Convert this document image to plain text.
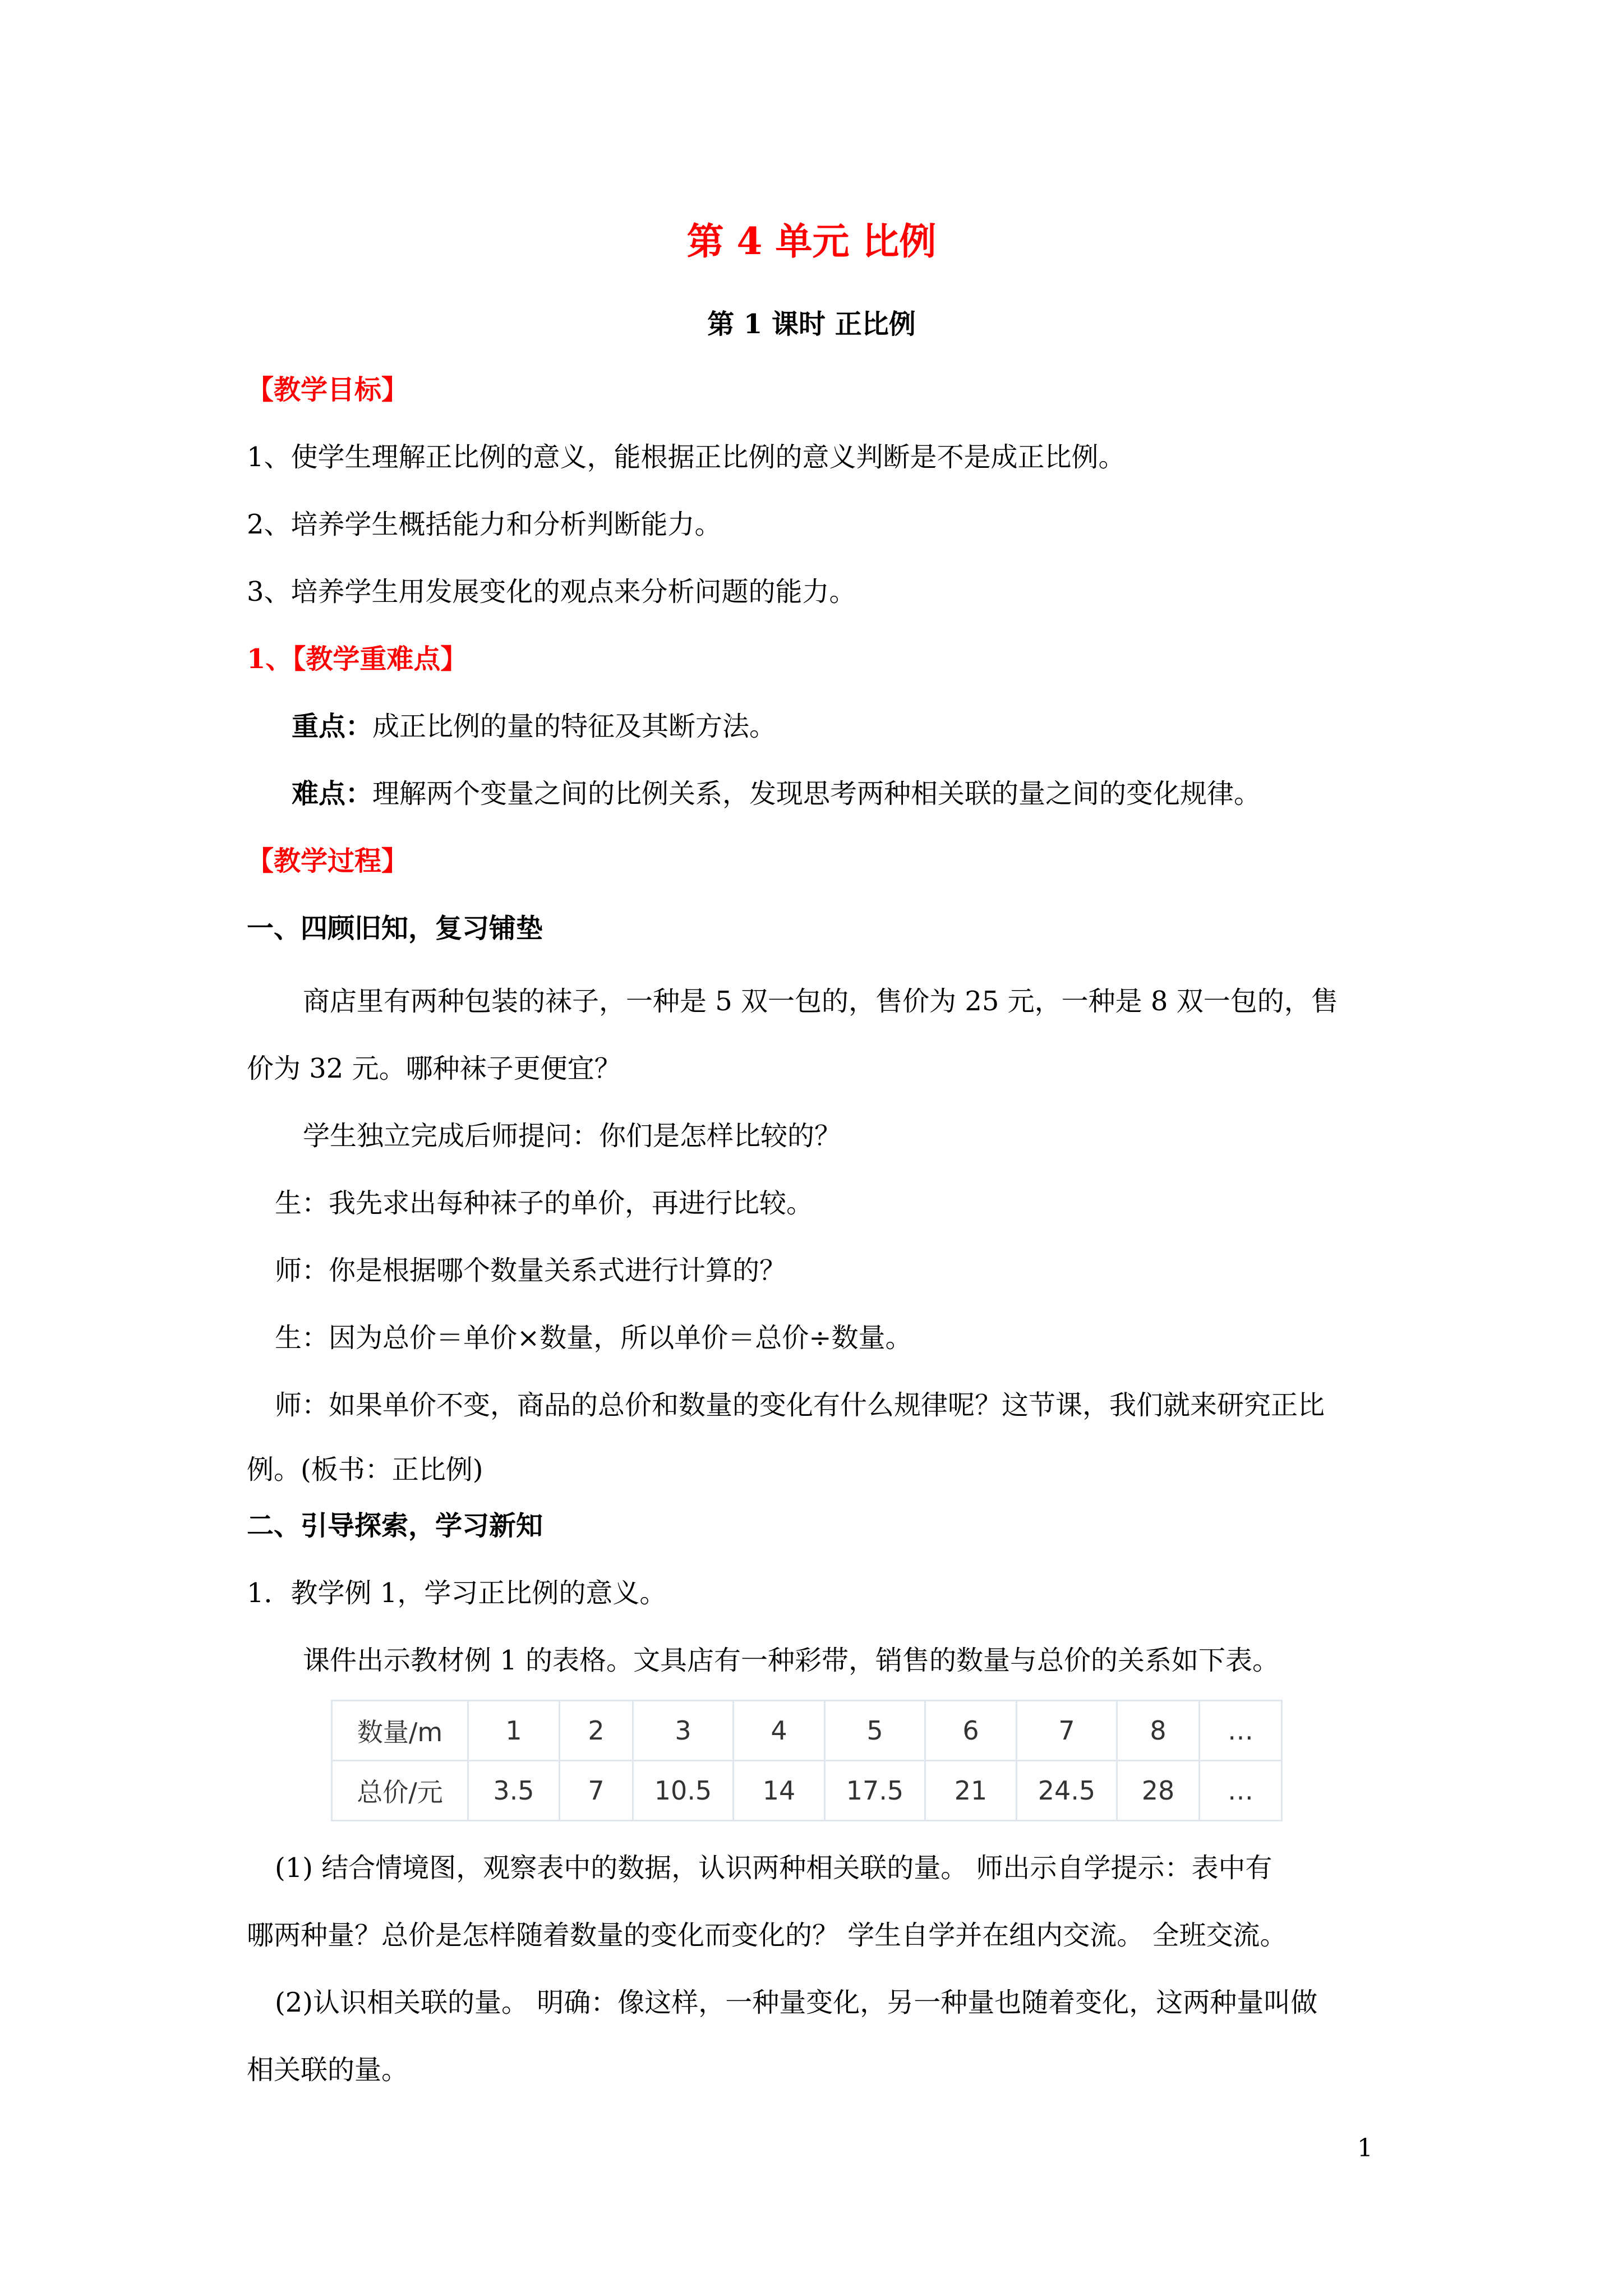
第 4 单元 比例
第 1 课时 正比例
【教学目标】
1、使学生理解正比例的意义，能根据正比例的意义判断是不是成正比例。
2、培养学生概括能力和分析判断能力。
3、培养学生用发展变化的观点来分析问题的能力。
1、【教学重难点】
重点：成正比例的量的特征及其断方法。
难点：理解两个变量之间的比例关系，发现思考两种相关联的量之间的变化规律。
【教学过程】
一、四顾旧知，复习铺垫
商店里有两种包装的袜子，一种是 5 双一包的，售价为 25 元，一种是 8 双一包的，售
价为 32 元。哪种袜子更便宜？
学生独立完成后师提问：你们是怎样比较的？
生：我先求出每种袜子的单价，再进行比较。
师：你是根据哪个数量关系式进行计算的？
生：因为总价＝单价×数量，所以单价＝总价÷数量。
师：如果单价不变，商品的总价和数量的变化有什么规律呢？这节课，我们就来研究正比
例。(板书：正比例)
二、引导探索，学习新知
1．教学例 1，学习正比例的意义。
课件出示教材例 1 的表格。文具店有一种彩带，销售的数量与总价的关系如下表。
数量/m	1	2	3	4	5	6	7	8	…
总价/元	3.5	7	10.5	14	17.5	21	24.5	28	…
(1) 结合情境图，观察表中的数据，认识两种相关联的量。 师出示自学提示：表中有
哪两种量？总价是怎样随着数量的变化而变化的？ 学生自学并在组内交流。 全班交流。
(2)认识相关联的量。 明确：像这样，一种量变化，另一种量也随着变化，这两种量叫做
相关联的量。
1
